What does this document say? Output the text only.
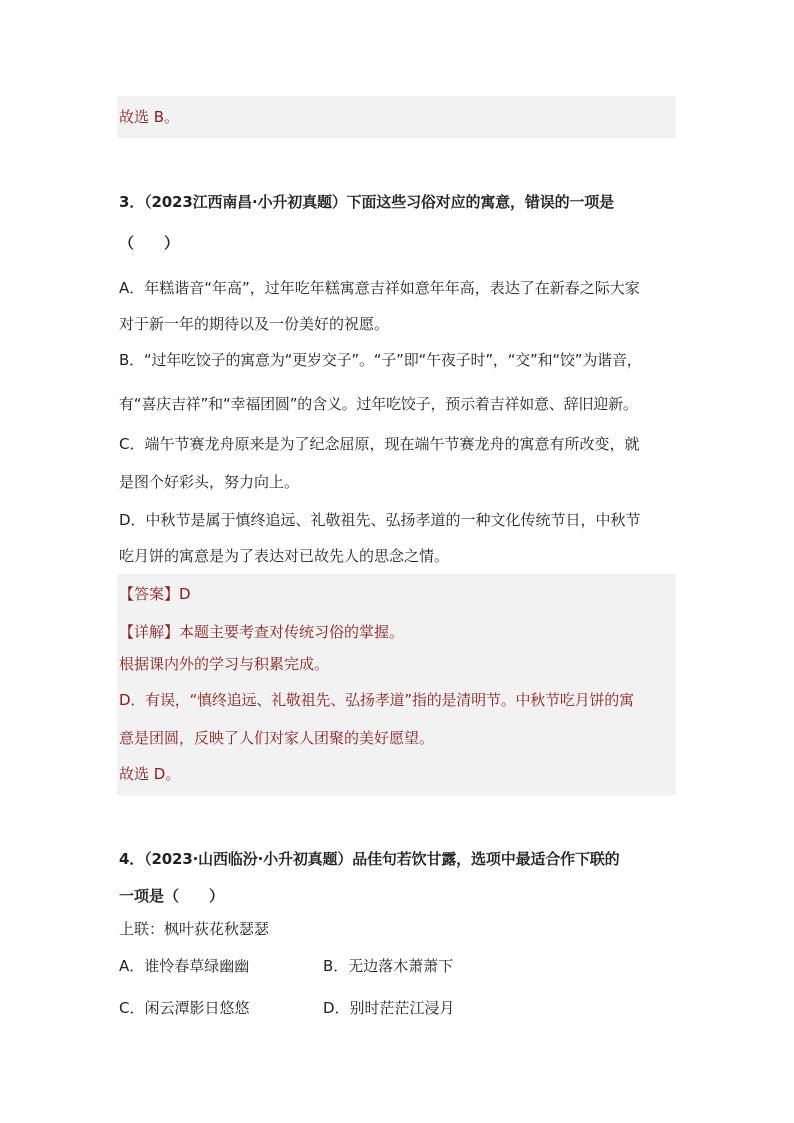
故选 B。
3．（2023江西南昌·小升初真题）下面这些习俗对应的寓意，错误的一项是
（　　）
A．年糕谐音“年高”，过年吃年糕寓意吉祥如意年年高，表达了在新春之际大家
对于新一年的期待以及一份美好的祝愿。
B．“过年吃饺子的寓意为“更岁交子”。“子”即“午夜子时”，“交”和“饺”为谐音，
有“喜庆吉祥”和“幸福团圆”的含义。过年吃饺子，预示着吉祥如意、辞旧迎新。
C．端午节赛龙舟原来是为了纪念屈原，现在端午节赛龙舟的寓意有所改变，就
是图个好彩头，努力向上。
D．中秋节是属于慎终追远、礼敬祖先、弘扬孝道的一种文化传统节日，中秋节
吃月饼的寓意是为了表达对已故先人的思念之情。
【答案】D
【详解】本题主要考查对传统习俗的掌握。
根据课内外的学习与积累完成。
D．有误，“慎终追远、礼敬祖先、弘扬孝道”指的是清明节。中秋节吃月饼的寓
意是团圆，反映了人们对家人团聚的美好愿望。
故选 D。
4．（2023·山西临汾·小升初真题）品佳句若饮甘露，选项中最适合作下联的
一项是（　　）
上联：枫叶荻花秋瑟瑟
A．谁怜春草绿幽幽	B．无边落木萧萧下
C．闲云潭影日悠悠	D．别时茫茫江浸月
